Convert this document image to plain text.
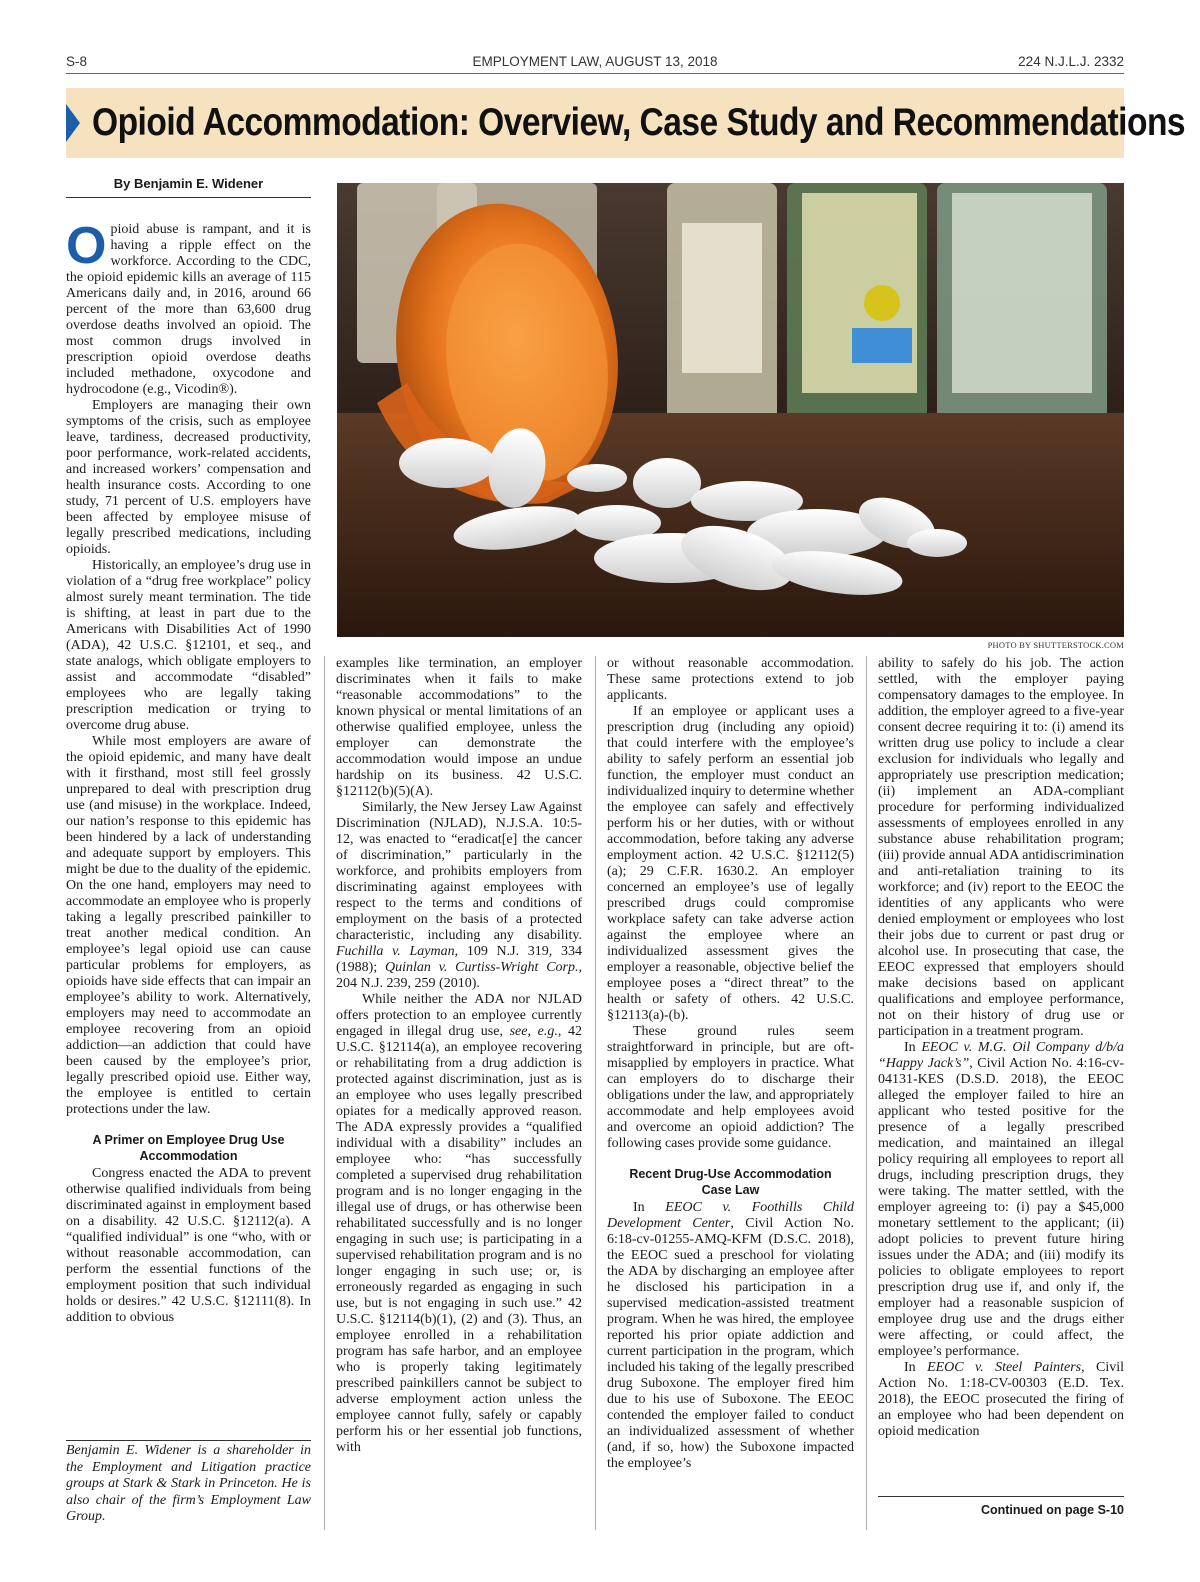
S-8	EMPLOYMENT LAW, AUGUST 13, 2018	224 N.J.L.J. 2332
Opioid Accommodation: Overview, Case Study and Recommendations
By Benjamin E. Widener

Opioid abuse is rampant, and it is having a ripple effect on the workforce. According to the CDC, the opioid epidemic kills an average of 115 Americans daily and, in 2016, around 66 percent of the more than 63,600 drug overdose deaths involved an opioid. The most common drugs involved in prescription opioid overdose deaths included methadone, oxycodone and hydrocodone (e.g., Vicodin®).

Employers are managing their own symptoms of the crisis, such as employee leave, tardiness, decreased productivity, poor performance, work-related accidents, and increased workers’ compensation and health insurance costs. According to one study, 71 percent of U.S. employers have been affected by employee misuse of legally prescribed medications, including opioids.

Historically, an employee’s drug use in violation of a “drug free workplace” policy almost surely meant termination. The tide is shifting, at least in part due to the Americans with Disabilities Act of 1990 (ADA), 42 U.S.C. §12101, et seq., and state analogs, which obligate employers to assist and accommodate “disabled” employees who are legally taking prescription medication or trying to overcome drug abuse.

While most employers are aware of the opioid epidemic, and many have dealt with it firsthand, most still feel grossly unprepared to deal with prescription drug use (and misuse) in the workplace. Indeed, our nation’s response to this epidemic has been hindered by a lack of understanding and adequate support by employers. This might be due to the duality of the epidemic. On the one hand, employers may need to accommodate an employee who is properly taking a legally prescribed painkiller to treat another medical condition. An employee’s legal opioid use can cause particular problems for employers, as opioids have side effects that can impair an employee’s ability to work. Alternatively, employers may need to accommodate an employee recovering from an opioid addiction—an addiction that could have been caused by the employee’s prior, legally prescribed opioid use. Either way, the employee is entitled to certain protections under the law.

A Primer on Employee Drug Use
Accommodation

Congress enacted the ADA to prevent otherwise qualified individuals from being discriminated against in employment based on a disability. 42 U.S.C. §12112(a). A “qualified individual” is one “who, with or without reasonable accommodation, can perform the essential functions of the employment position that such individual holds or desires.” 42 U.S.C. §12111(8). In addition to obvious

Benjamin E. Widener is a shareholder in the Employment and Litigation practice groups at Stark & Stark in Princeton. He is also chair of the firm’s Employment Law Group.
PHOTO BY SHUTTERSTOCK.COM

examples like termination, an employer discriminates when it fails to make “reasonable accommodations” to the known physical or mental limitations of an otherwise qualified employee, unless the employer can demonstrate the accommodation would impose an undue hardship on its business. 42 U.S.C. §12112(b)(5)(A).

Similarly, the New Jersey Law Against Discrimination (NJLAD), N.J.S.A. 10:5-12, was enacted to “eradicat[e] the cancer of discrimination,” particularly in the workforce, and prohibits employers from discriminating against employees with respect to the terms and conditions of employment on the basis of a protected characteristic, including any disability. Fuchilla v. Layman, 109 N.J. 319, 334 (1988); Quinlan v. Curtiss-Wright Corp., 204 N.J. 239, 259 (2010).

While neither the ADA nor NJLAD offers protection to an employee currently engaged in illegal drug use, see, e.g., 42 U.S.C. §12114(a), an employee recovering or rehabilitating from a drug addiction is protected against discrimination, just as is an employee who uses legally prescribed opiates for a medically approved reason. The ADA expressly provides a “qualified individual with a disability” includes an employee who: “has successfully completed a supervised drug rehabilitation program and is no longer engaging in the illegal use of drugs, or has otherwise been rehabilitated successfully and is no longer engaging in such use; is participating in a supervised rehabilitation program and is no longer engaging in such use; or, is erroneously regarded as engaging in such use, but is not engaging in such use.” 42 U.S.C. §12114(b)(1), (2) and (3). Thus, an employee enrolled in a rehabilitation program has safe harbor, and an employee who is properly taking legitimately prescribed painkillers cannot be subject to adverse employment action unless the employee cannot fully, safely or capably perform his or her essential job functions, with

or without reasonable accommodation. These same protections extend to job applicants.

If an employee or applicant uses a prescription drug (including any opioid) that could interfere with the employee’s ability to safely perform an essential job function, the employer must conduct an individualized inquiry to determine whether the employee can safely and effectively perform his or her duties, with or without accommodation, before taking any adverse employment action. 42 U.S.C. §12112(5)(a); 29 C.F.R. 1630.2. An employer concerned an employee’s use of legally prescribed drugs could compromise workplace safety can take adverse action against the employee where an individualized assessment gives the employer a reasonable, objective belief the employee poses a “direct threat” to the health or safety of others. 42 U.S.C. §12113(a)-(b).

These ground rules seem straightforward in principle, but are oft-misapplied by employers in practice. What can employers do to discharge their obligations under the law, and appropriately accommodate and help employees avoid and overcome an opioid addiction? The following cases provide some guidance.

Recent Drug-Use Accommodation
Case Law

In EEOC v. Foothills Child Development Center, Civil Action No. 6:18-cv-01255-AMQ-KFM (D.S.C. 2018), the EEOC sued a preschool for violating the ADA by discharging an employee after he disclosed his participation in a supervised medication-assisted treatment program. When he was hired, the employee reported his prior opiate addiction and current participation in the program, which included his taking of the legally prescribed drug Suboxone. The employer fired him due to his use of Suboxone. The EEOC contended the employer failed to conduct an individualized assessment of whether (and, if so, how) the Suboxone impacted the employee’s

ability to safely do his job. The action settled, with the employer paying compensatory damages to the employee. In addition, the employer agreed to a five-year consent decree requiring it to: (i) amend its written drug use policy to include a clear exclusion for individuals who legally and appropriately use prescription medication; (ii) implement an ADA-compliant procedure for performing individualized assessments of employees enrolled in any substance abuse rehabilitation program; (iii) provide annual ADA antidiscrimination and anti-retaliation training to its workforce; and (iv) report to the EEOC the identities of any applicants who were denied employment or employees who lost their jobs due to current or past drug or alcohol use. In prosecuting that case, the EEOC expressed that employers should make decisions based on applicant qualifications and employee performance, not on their history of drug use or participation in a treatment program.

In EEOC v. M.G. Oil Company d/b/a “Happy Jack’s”, Civil Action No. 4:16-cv-04131-KES (D.S.D. 2018), the EEOC alleged the employer failed to hire an applicant who tested positive for the presence of a legally prescribed medication, and maintained an illegal policy requiring all employees to report all drugs, including prescription drugs, they were taking. The matter settled, with the employer agreeing to: (i) pay a $45,000 monetary settlement to the applicant; (ii) adopt policies to prevent future hiring issues under the ADA; and (iii) modify its policies to obligate employees to report prescription drug use if, and only if, the employer had a reasonable suspicion of employee drug use and the drugs either were affecting, or could affect, the employee’s performance.

In EEOC v. Steel Painters, Civil Action No. 1:18-CV-00303 (E.D. Tex. 2018), the EEOC prosecuted the firing of an employee who had been dependent on opioid medication

Continued on page S-10
